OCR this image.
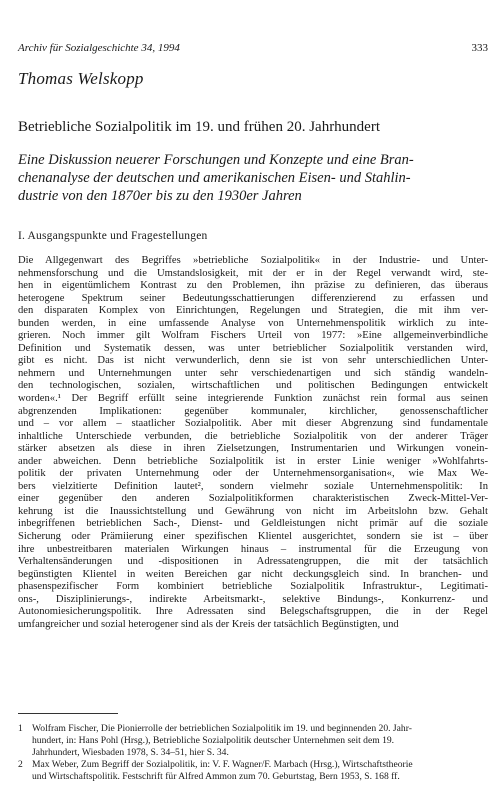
Archiv für Sozialgeschichte 34, 1994	333
Thomas Welskopp
Betriebliche Sozialpolitik im 19. und frühen 20. Jahrhundert
Eine Diskussion neuerer Forschungen und Konzepte und eine Bran-
chenanalyse der deutschen und amerikanischen Eisen- und Stahlin-
dustrie von den 1870er bis zu den 1930er Jahren
I. Ausgangspunkte und Fragestellungen
Die Allgegenwart des Begriffes »betriebliche Sozialpolitik« in der Industrie- und Unter-
nehmensforschung und die Umstandslosigkeit, mit der er in der Regel verwandt wird, ste-
hen in eigentümlichem Kontrast zu den Problemen, ihn präzise zu definieren, das überaus
heterogene Spektrum seiner Bedeutungsschattierungen differenzierend zu erfassen und
den disparaten Komplex von Einrichtungen, Regelungen und Strategien, die mit ihm ver-
bunden werden, in eine umfassende Analyse von Unternehmenspolitik wirklich zu inte-
grieren. Noch immer gilt Wolfram Fischers Urteil von 1977: »Eine allgemeinverbindliche
Definition und Systematik dessen, was unter betrieblicher Sozialpolitik verstanden wird,
gibt es nicht. Das ist nicht verwunderlich, denn sie ist von sehr unterschiedlichen Unter-
nehmern und Unternehmungen unter sehr verschiedenartigen und sich ständig wandeln-
den technologischen, sozialen, wirtschaftlichen und politischen Bedingungen entwickelt
worden«.¹ Der Begriff erfüllt seine integrierende Funktion zunächst rein formal aus seinen
abgrenzenden Implikationen: gegenüber kommunaler, kirchlicher, genossenschaftlicher
und – vor allem – staatlicher Sozialpolitik. Aber mit dieser Abgrenzung sind fundamentale
inhaltliche Unterschiede verbunden, die betriebliche Sozialpolitik von der anderer Träger
stärker absetzen als diese in ihren Zielsetzungen, Instrumentarien und Wirkungen vonein-
ander abweichen. Denn betriebliche Sozialpolitik ist in erster Linie weniger »Wohlfahrts-
politik der privaten Unternehmung oder der Unternehmensorganisation«, wie Max We-
bers vielzitierte Definition lautet², sondern vielmehr soziale Unternehmenspolitik: In
einer gegenüber den anderen Sozialpolitikformen charakteristischen Zweck-Mittel-Ver-
kehrung ist die Inaussichtstellung und Gewährung von nicht im Arbeitslohn bzw. Gehalt
inbegriffenen betrieblichen Sach-, Dienst- und Geldleistungen nicht primär auf die soziale
Sicherung oder Prämiierung einer spezifischen Klientel ausgerichtet, sondern sie ist – über
ihre unbestreitbaren materialen Wirkungen hinaus – instrumental für die Erzeugung von
Verhaltensänderungen und -dispositionen in Adressatengruppen, die mit der tatsächlich
begünstigten Klientel in weiten Bereichen gar nicht deckungsgleich sind. In branchen- und
phasenspezifischer Form kombiniert betriebliche Sozialpolitik Infrastruktur-, Legitimati-
ons-, Disziplinierungs-, indirekte Arbeitsmarkt-, selektive Bindungs-, Konkurrenz- und
Autonomiesicherungspolitik. Ihre Adressaten sind Belegschaftsgruppen, die in der Regel
umfangreicher und sozial heterogener sind als der Kreis der tatsächlich Begünstigten, und
1 Wolfram Fischer, Die Pionierrolle der betrieblichen Sozialpolitik im 19. und beginnenden 20. Jahr-
hundert, in: Hans Pohl (Hrsg.), Betriebliche Sozialpolitik deutscher Unternehmen seit dem 19.
Jahrhundert, Wiesbaden 1978, S. 34–51, hier S. 34.
2 Max Weber, Zum Begriff der Sozialpolitik, in: V. F. Wagner/F. Marbach (Hrsg.), Wirtschaftstheorie
und Wirtschaftspolitik. Festschrift für Alfred Ammon zum 70. Geburtstag, Bern 1953, S. 168 ff.
